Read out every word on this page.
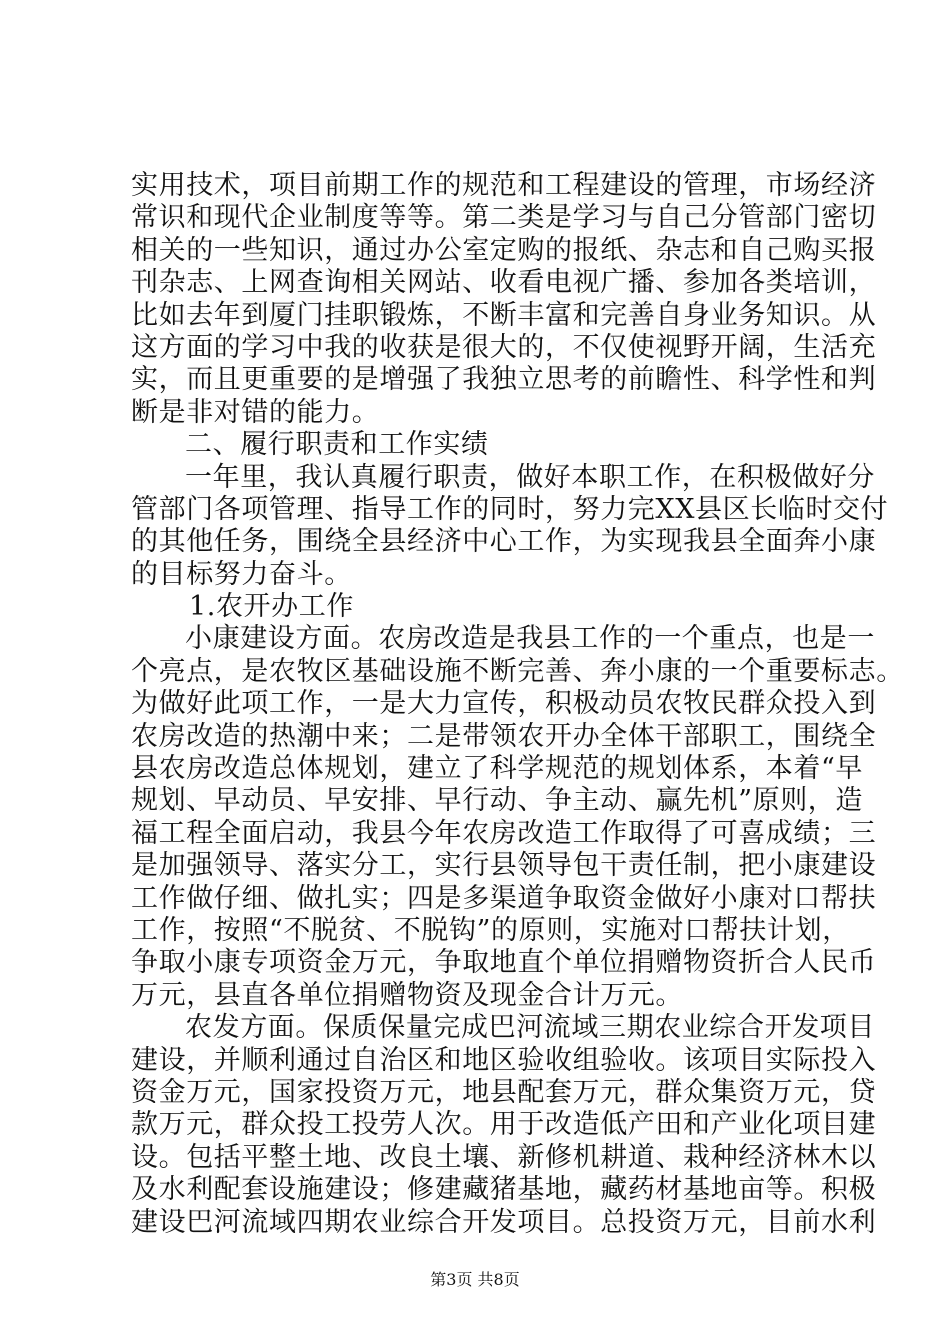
实用技术，项目前期工作的规范和工程建设的管理，市场经济
常识和现代企业制度等等。第二类是学习与自己分管部门密切
相关的一些知识，通过办公室定购的报纸、杂志和自己购买报
刊杂志、上网查询相关网站、收看电视广播、参加各类培训，
比如去年到厦门挂职锻炼，不断丰富和完善自身业务知识。从
这方面的学习中我的收获是很大的，不仅使视野开阔，生活充
实，而且更重要的是增强了我独立思考的前瞻性、科学性和判
断是非对错的能力。
二、履行职责和工作实绩
一年里，我认真履行职责，做好本职工作，在积极做好分
管部门各项管理、指导工作的同时，努力完XX县区长临时交付
的其他任务，围绕全县经济中心工作，为实现我县全面奔小康
的目标努力奋斗。
1.农开办工作
小康建设方面。农房改造是我县工作的一个重点，也是一
个亮点，是农牧区基础设施不断完善、奔小康的一个重要标志。
为做好此项工作，一是大力宣传，积极动员农牧民群众投入到
农房改造的热潮中来；二是带领农开办全体干部职工，围绕全
县农房改造总体规划，建立了科学规范的规划体系，本着“早
规划、早动员、早安排、早行动、争主动、赢先机”原则，造
福工程全面启动，我县今年农房改造工作取得了可喜成绩；三
是加强领导、落实分工，实行县领导包干责任制，把小康建设
工作做仔细、做扎实；四是多渠道争取资金做好小康对口帮扶
工作，按照“不脱贫、不脱钩”的原则，实施对口帮扶计划，
争取小康专项资金万元，争取地直个单位捐赠物资折合人民币
万元，县直各单位捐赠物资及现金合计万元。
农发方面。保质保量完成巴河流域三期农业综合开发项目
建设，并顺利通过自治区和地区验收组验收。该项目实际投入
资金万元，国家投资万元，地县配套万元，群众集资万元，贷
款万元，群众投工投劳人次。用于改造低产田和产业化项目建
设。包括平整土地、改良土壤、新修机耕道、栽种经济林木以
及水利配套设施建设；修建藏猪基地，藏药材基地亩等。积极
建设巴河流域四期农业综合开发项目。总投资万元，目前水利
第3页 共8页
